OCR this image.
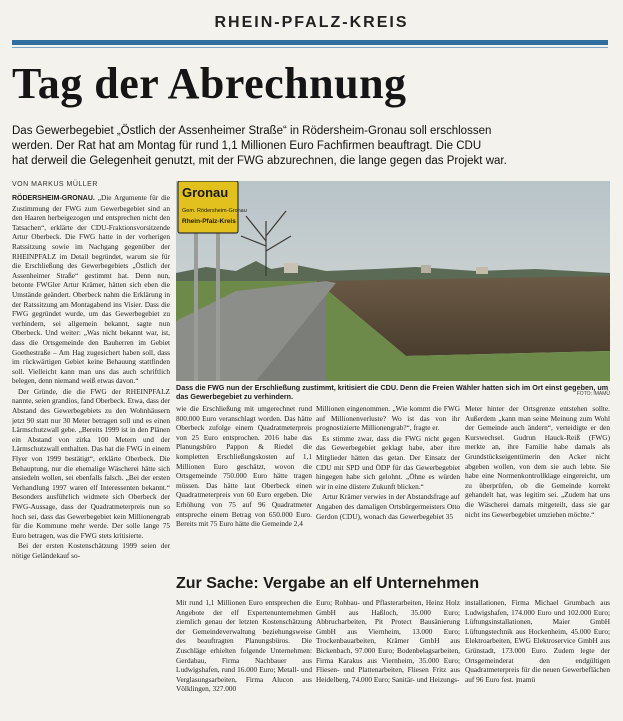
RHEIN-PFALZ-KREIS
Tag der Abrechnung

Das Gewerbegebiet „Östlich der Assenheimer Straße“ in Rödersheim-Gronau soll erschlossen

werden. Der Rat hat am Montag für rund 1,1 Millionen Euro Fachfirmen beauftragt. Die CDU

hat derweil die Gelegenheit genutzt, mit der FWG abzurechnen, die lange gegen das Projekt war.

VON MARKUS MÜLLER

RÖDERSHEIM-GRONAU. „Die Argumente für die Zustimmung der FWG zum Gewerbegebiet sind an den Haaren herbeigezogen und entsprechen nicht den Tatsachen“, erklärte der CDU-Fraktionsvorsitzende Artur Oberbeck. Die FWG hatte in der vorherigen Ratssitzung sowie im Nachgang gegenüber der RHEINPFALZ im Detail begründet, warum sie für die Erschließung des Gewerbegebiets „Östlich der Assenheimer Straße“ gestimmt hat. Denn nun, betonte FWGler Artur Krämer, hätten sich eben die Umstände geändert. Oberbeck nahm die Erklärung in der Ratssitzung am Montagabend ins Visier. Dass die FWG gegründet wurde, um das Gewerbegebiet zu verhindern, sei allgemein bekannt, sagte nun Oberbeck. Und weiter: „Was nicht bekannt war, ist, dass die Ortsgemeinde den Bauherren im Gebiet Goethestraße – Am Hag zugesichert haben soll, dass im rückwärtigen Gebiet keine Behauung stattfinden soll. Vielleicht kann man uns das auch schriftlich belegen, denn niemand weiß etwas davon.“

Der Gründe, die die FWG der RHEINPFALZ nannte, seien grandios, fand Oberbeck. Etwa, dass der Abstand des Gewerbegebiets zu den Wohnhäusern jetzt 90 statt nur 30 Meter betragen soll und es einen Lärmschutzwall gebe. „Bereits 1999 ist in den Plänen ein Abstand von zirka 100 Metern und der Lärmschutzwall enthalten. Das hat die FWG in einem Flyer von 1999 bestätigt“, erklärte Oberbeck. Die Behauptung, nur die ehemalige Wäscherei hätte sich ansiedeln wollen, sei ebenfalls falsch. „Bei der ersten Verhandlung 1997 waren elf Interessenten bekannt.“ Besonders ausführlich widmete sich Oberbeck der FWG-Aussage, dass der Quadratmeterpreis nun so hoch sei, dass das Gewerbegebiet kein Millionengrab für die Kommune mehr werde. Der solle lange 75 Euro betragen, was die FWG stets kritisierte.

Bei der ersten Kostenschätzung 1999 seien der nötige Geländekauf so-

Gronau
Gem. Rödersheim-Gronau
Rhein-Pfalz-Kreis
Dass die FWG nun der Erschließung zustimmt, kritisiert die CDU. Denn die Freien Wähler hatten sich im Ort einst gegeben, um das Gewerbegebiet zu verhindern.	FOTO: IMAMÜ

wie die Erschließung mit umgerechnet rund 800.000 Euro veranschlagt worden. Das hätte Oberbeck zufolge einem Quadratmeterpreis von 25 Euro entsprochen. 2016 habe das Planungsbüro Pappon & Riedel die kompletten Erschließungskosten auf 1,1 Millionen Euro geschätzt, wovon die Ortsgemeinde 750.000 Euro hätte tragen müssen. Das hätte laut Oberbeck einen Quadratmeterpreis von 60 Euro ergeben. Die Erhöhung von 75 auf 96 Quadratmeter entspreche einem Betrag von 650.000 Euro. Bereits mit 75 Euro hätte die Gemeinde 2,4

Millionen eingenommen. „Wie kommt die FWG auf Millionenverluste? Wo ist das von ihr prognostizierte Millionengrab?“, fragte er.

Es stimme zwar, dass die FWG nicht gegen das Gewerbegebiet geklagt habe, aber ihre Mitglieder hätten das getan. Der Einsatz der CDU mit SPD und ÖDP für das Gewerbegebiet hingegen habe sich gelohnt. „Öhne es würden wir in eine düstere Zukunft blicken.“

Artur Krämer verwies in der Abstandsfrage auf Angaben des damaligen Ortsbürgermeisters Otto Gerdon (CDU), wonach das Gewerbegebiet 35

Meter hinter der Ortsgrenze entstehen sollte. Außerdem „kann man seine Meinung zum Wohl der Gemeinde auch ändern“, verteidigte er den Kurswechsel. Gudrun Hauck-Reiß (FWG) merkte an, ihre Familie habe damals als Grundstückseigentümerin den Acker nicht abgeben wollen, von dem sie auch lebte. Sie habe eine Normenkontrollklage eingereicht, um zu überprüfen, ob die Gemeinde korrekt gehandelt hat, was legitim sei. „Zudem hat uns die Wäscherei damals mitgeteilt, dass sie gar nicht ins Gewerbegebiet umziehen möchte.“

Zur Sache: Vergabe an elf Unternehmen

Mit rund 1,1 Millionen Euro entsprechen die Angebote der elf Expertenunternehmen ziemlich genau der letzten Kostenschätzung der Gemeindeverwaltung beziehungsweise des beauftragten Planungsbüros. Die Zuschläge erhielten folgende Unternehmen: Gerdabau, Firma Nachbauer aus Ludwigshafen, rund 16.000 Euro; Metall- und Verglasungsarbeiten, Firma Alucon aus Völklingen, 327.000

Euro; Rohbau- und Pflasterarbeiten, Heinz Holz GmbH aus Haßloch, 35.000 Euro; Abbrucharbeiten, Pit Protect Bausänierung GmbH aus Viernheim, 13.000 Euro; Trockenbauarbeiten, Krämer GmbH aus Bickenbach, 97.000 Euro; Bodenbelagsarbeiten, Firma Karakus aus Viernheim, 35.000 Euro; Fliesen- und Plattenarbeiten, Fliesen Fritz aus Heidelberg, 74.000 Euro; Sanitär- und Heizungs-

installationen, Firma Michael Grumbach aus Ludwigshafen, 174.000 Euro und 102.000 Euro; Lüftungsinstallationen, Maier GmbH Lüftungstechnik aus Hockenheim, 45.000 Euro; Elektroarbeiten, EWG Elektroservice GmbH aus Grünstadt, 173.000 Euro. Zudem legte der Ortsgemeinderat den endgültigen Quadratmeterpreis für die neuen Gewerbeflächen auf 96 Euro fest. |mamü
